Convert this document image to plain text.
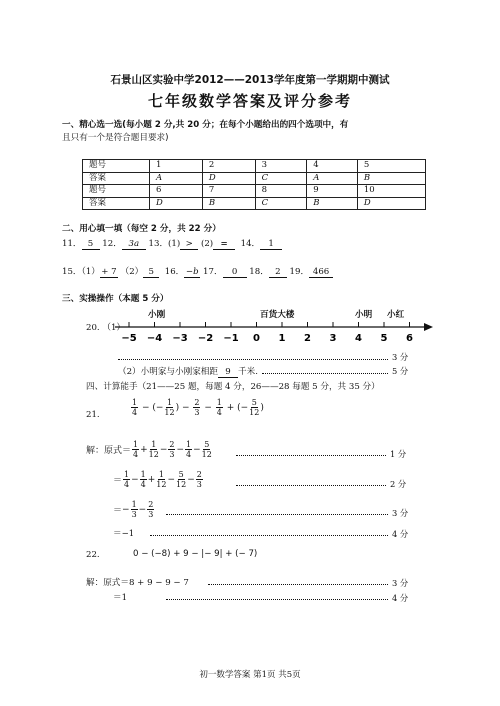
石景山区实验中学2012——2013学年度第一学期期中测试
七年级数学答案及评分参考
一、精心选一选(每小题 2 分,共 20 分；在每个小题给出的四个选项中，有
且只有一个是符合题目要求)
题号	1	2	3	4	5
答案	A	D	C	A	B
题号	6	7	8	9	10
答案	D	B	C	B	D
二、用心填一填（每空 2 分，共 22 分）
11． 5 12． 3a 13．(1) > (2) = 14． 1
15．（1）+ 7 （2） 5 16． −b 17． 0 18． 2 19． 466
三、实操操作（本题 5 分）
小刚	百货大楼	小明 小红
20. （1）
−5 −4 −3 −2 −1 0 1 2 3 4 5 6
3 分
（2）小明家与小刚家相距 9 千米.	5 分
四、计算能手（21——25 题，每题 4 分，26——28 每题 5 分，共 35 分）
21.	$\frac{1}{4}$ − (− $\frac{1}{12}$ ) − $\frac{2}{3} - \frac{1}{4}$ + (− $\frac{5}{12}$ )
解：原式＝ $\frac{1}{4} + \frac{1}{12} - \frac{2}{3} - \frac{1}{4} - \frac{5}{12}$	1 分
＝ $\frac{1}{4} - \frac{1}{4} + \frac{1}{12} - \frac{5}{12} - \frac{2}{3}$	2 分
＝ − $\frac{1}{3} - \frac{2}{3}$	3 分
＝−1	4 分
22.	0 − (−8) + 9 − |− 9| + (− 7)
解：原式＝8 + 9 − 9 − 7	3 分
＝1	4 分
初一数学答案 第1页 共5页
